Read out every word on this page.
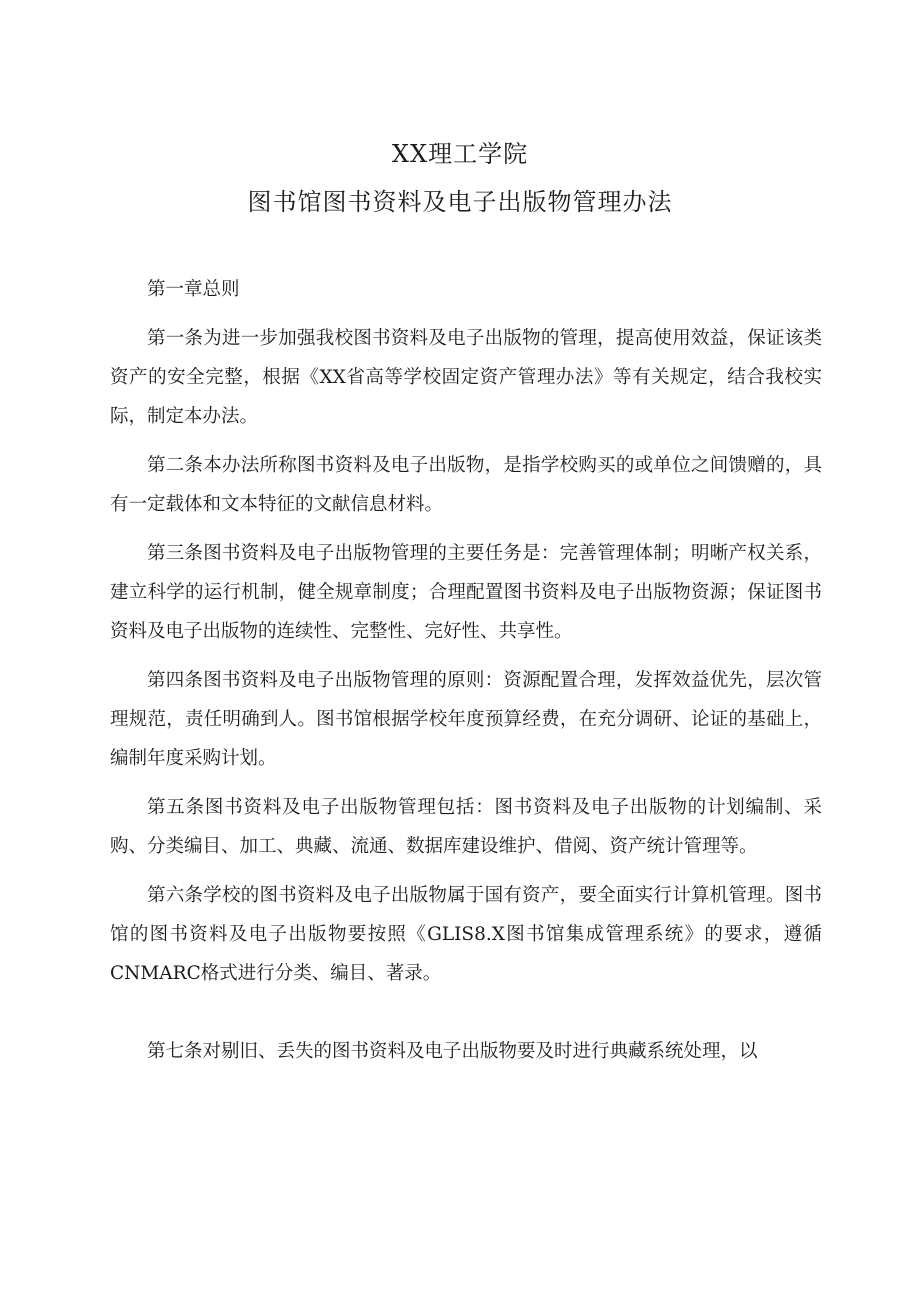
XX理工学院
图书馆图书资料及电子出版物管理办法

第一章总则

第一条为进一步加强我校图书资料及电子出版物的管理，提高使用效益，保证该类资产的安全完整，根据《XX省高等学校固定资产管理办法》等有关规定，结合我校实际，制定本办法。

第二条本办法所称图书资料及电子出版物，是指学校购买的或单位之间馈赠的，具有一定载体和文本特征的文献信息材料。

第三条图书资料及电子出版物管理的主要任务是：完善管理体制；明晰产权关系，建立科学的运行机制，健全规章制度；合理配置图书资料及电子出版物资源；保证图书资料及电子出版物的连续性、完整性、完好性、共享性。

第四条图书资料及电子出版物管理的原则：资源配置合理，发挥效益优先，层次管理规范，责任明确到人。图书馆根据学校年度预算经费，在充分调研、论证的基础上，编制年度采购计划。

第五条图书资料及电子出版物管理包括：图书资料及电子出版物的计划编制、采购、分类编目、加工、典藏、流通、数据库建设维护、借阅、资产统计管理等。

第六条学校的图书资料及电子出版物属于国有资产，要全面实行计算机管理。图书馆的图书资料及电子出版物要按照《GLIS8.X图书馆集成管理系统》的要求，遵循CNMARC格式进行分类、编目、著录。

第七条对剔旧、丢失的图书资料及电子出版物要及时进行典藏系统处理，以
